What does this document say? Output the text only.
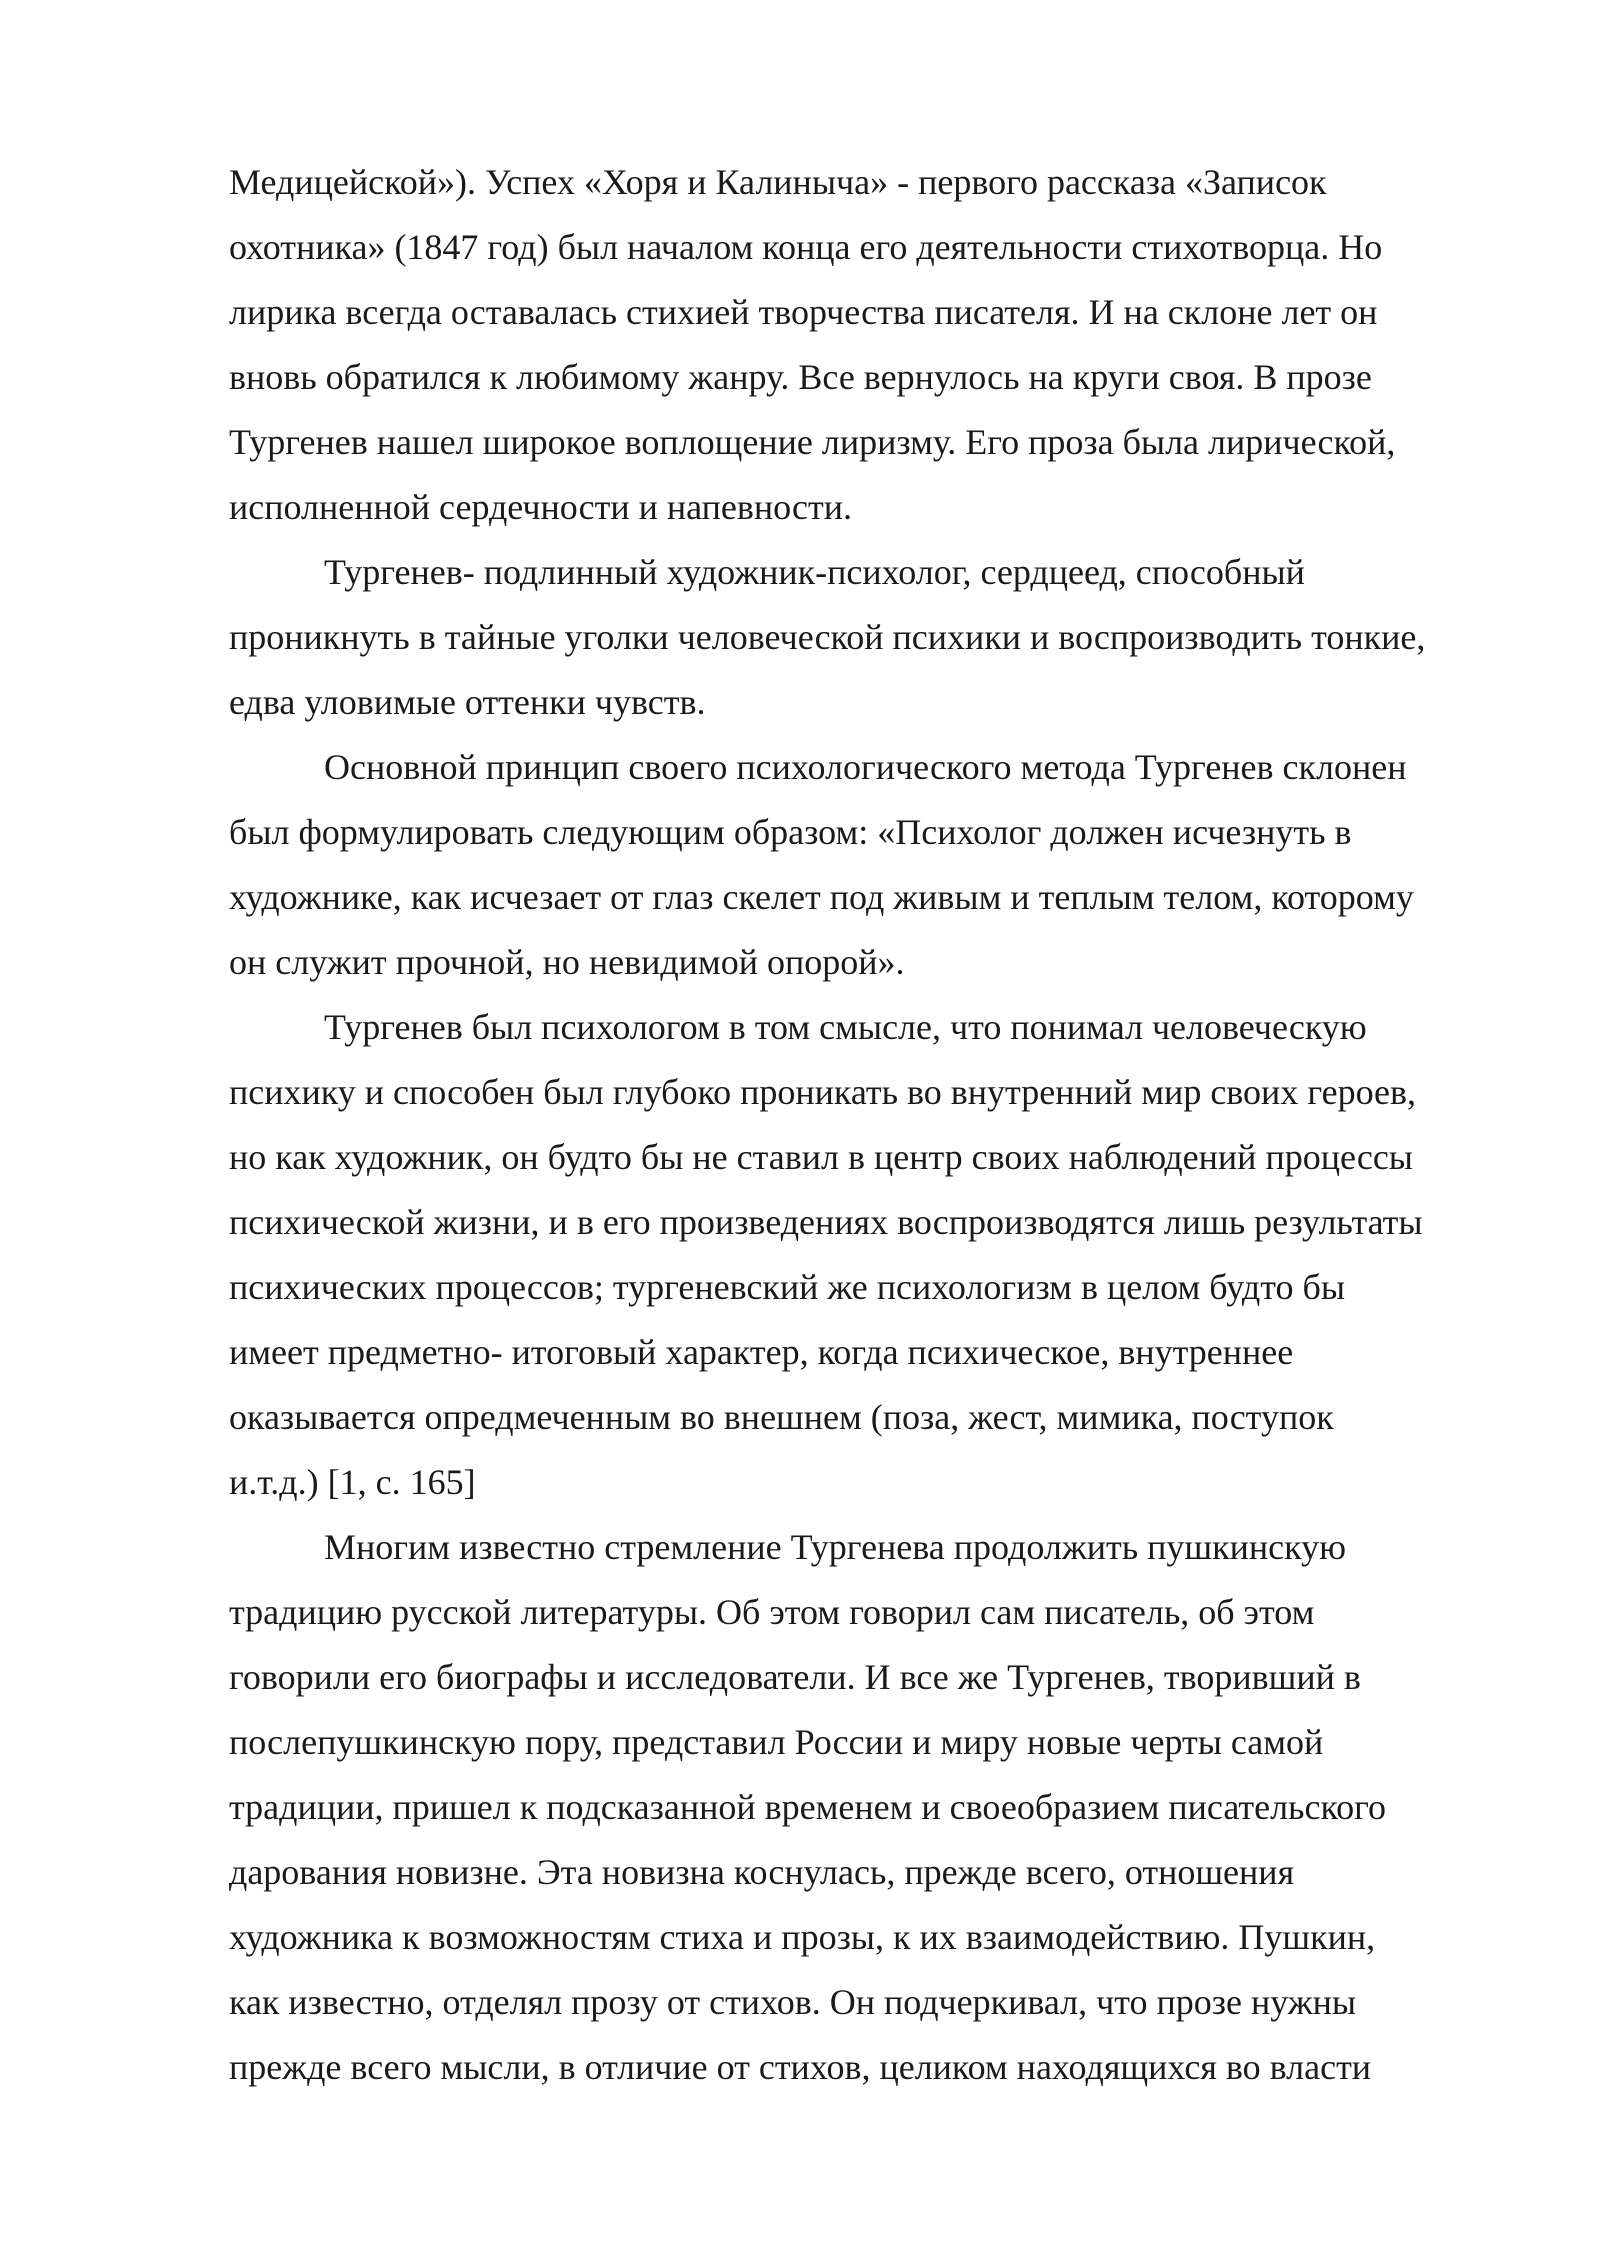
Медицейской»). Успех «Хоря и Калиныча» - первого рассказа «Записок
охотника» (1847 год) был началом конца его деятельности стихотворца. Но
лирика всегда оставалась стихией творчества писателя. И на склоне лет он
вновь обратился к любимому жанру. Все вернулось на круги своя. В прозе
Тургенев нашел широкое воплощение лиризму. Его проза была лирической,
исполненной сердечности и напевности.

Тургенев- подлинный художник-психолог, сердцеед, способный
проникнуть в тайные уголки человеческой психики и воспроизводить тонкие,
едва уловимые оттенки чувств.

Основной принцип своего психологического метода Тургенев склонен
был формулировать следующим образом: «Психолог должен исчезнуть в
художнике, как исчезает от глаз скелет под живым и теплым телом, которому
он служит прочной, но невидимой опорой».

Тургенев был психологом в том смысле, что понимал человеческую
психику и способен был глубоко проникать во внутренний мир своих героев,
но как художник, он будто бы не ставил в центр своих наблюдений процессы
психической жизни, и в его произведениях воспроизводятся лишь результаты
психических процессов; тургеневский же психологизм в целом будто бы
имеет предметно- итоговый характер, когда психическое, внутреннее
оказывается опредмеченным во внешнем (поза, жест, мимика, поступок
и.т.д.) [1, с. 165]

Многим известно стремление Тургенева продолжить пушкинскую
традицию русской литературы. Об этом говорил сам писатель, об этом
говорили его биографы и исследователи. И все же Тургенев, творивший в
послепушкинскую пору, представил России и миру новые черты самой
традиции, пришел к подсказанной временем и своеобразием писательского
дарования новизне. Эта новизна коснулась, прежде всего, отношения
художника к возможностям стиха и прозы, к их взаимодействию. Пушкин,
как известно, отделял прозу от стихов. Он подчеркивал, что прозе нужны
прежде всего мысли, в отличие от стихов, целиком находящихся во власти
